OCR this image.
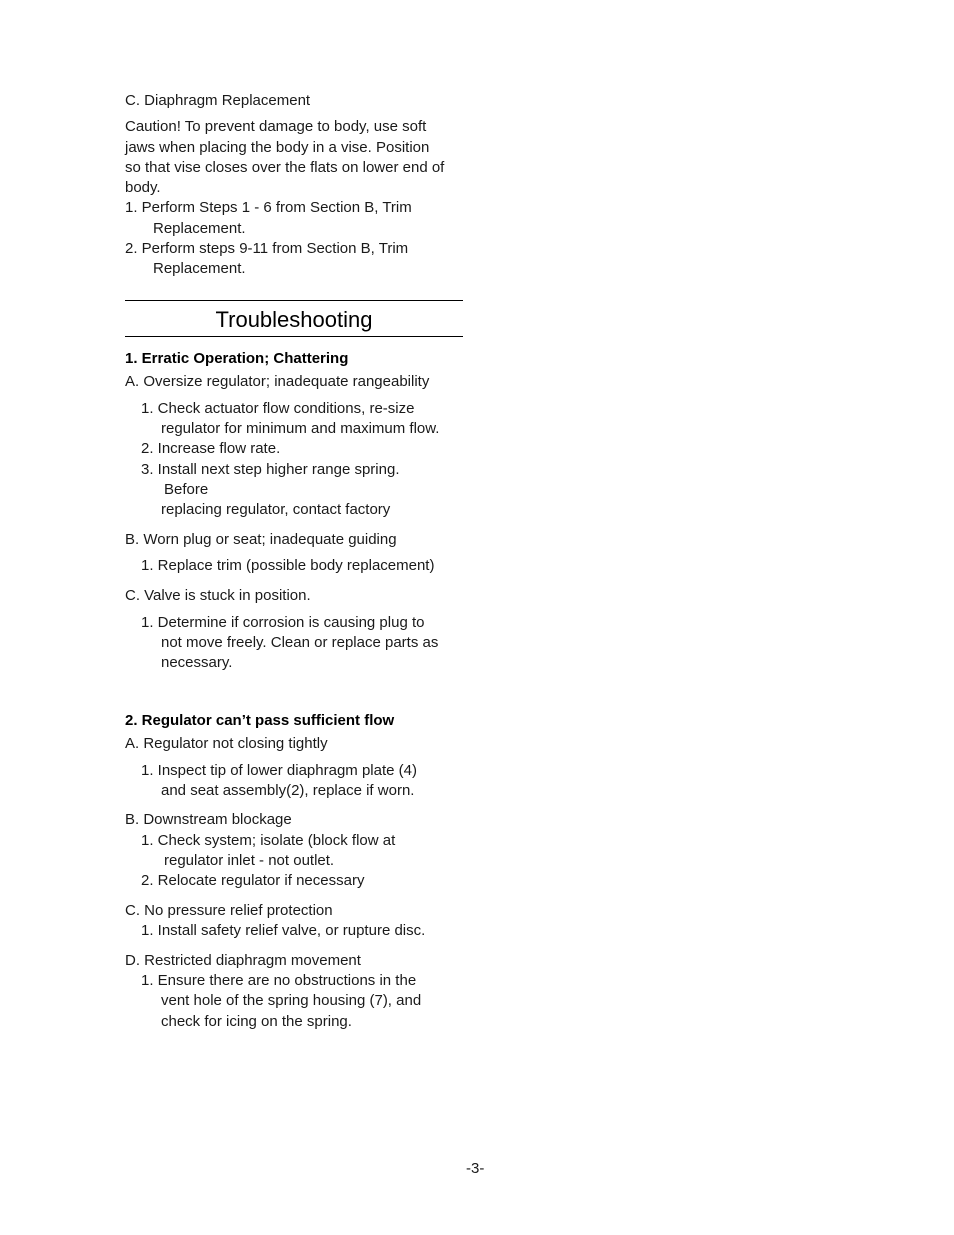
C. Diaphragm Replacement
Caution! To prevent damage to body, use soft
jaws when placing the body in a vise. Position
so that vise closes over the flats on lower end of
body.
1. Perform Steps 1 - 6 from Section B, Trim
Replacement.
2. Perform steps 9-11 from Section B, Trim
Replacement.
Troubleshooting
1. Erratic Operation; Chattering
A. Oversize regulator; inadequate rangeability
1. Check actuator flow conditions, re-size
regulator for minimum and maximum flow.
2. Increase flow rate.
3. Install next step higher range spring.
Before
replacing regulator, contact factory
B. Worn plug or seat; inadequate guiding
1. Replace trim (possible body replacement)
C. Valve is stuck in position.
1. Determine if corrosion is causing plug to
not move freely. Clean or replace parts as
necessary.
2. Regulator can’t pass sufficient flow
A. Regulator not closing tightly
1. Inspect tip of lower diaphragm plate (4)
and seat assembly(2), replace if worn.
B. Downstream blockage
1. Check system; isolate (block flow at
regulator inlet - not outlet.
2. Relocate regulator if necessary
C. No pressure relief protection
1. Install safety relief valve, or rupture disc.
D. Restricted diaphragm movement
1. Ensure there are no obstructions in the
vent hole of the spring housing (7), and
check for icing on the spring.
-3-
